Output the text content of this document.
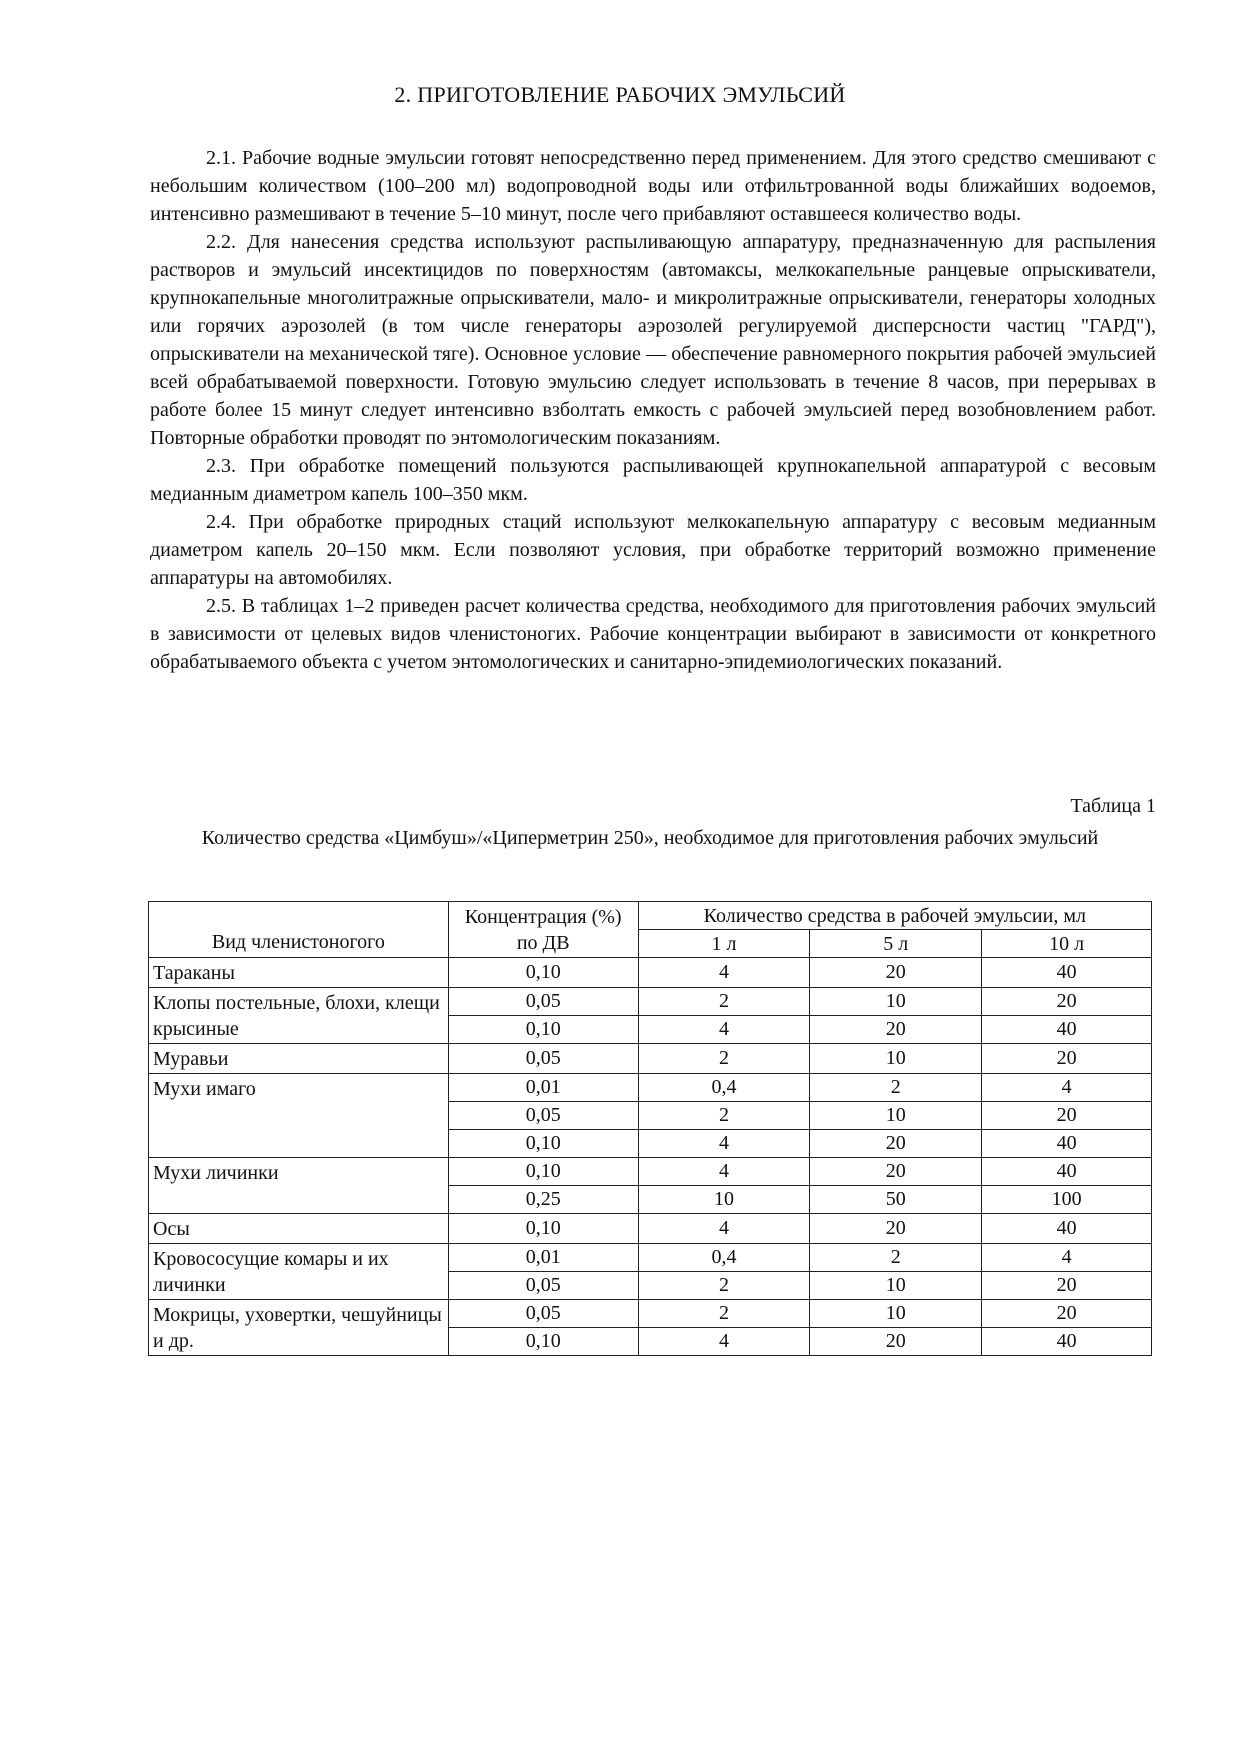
2. ПРИГОТОВЛЕНИЕ РАБОЧИХ ЭМУЛЬСИЙ

2.1. Рабочие водные эмульсии готовят непосредственно перед применением. Для этого средство смешивают с небольшим количеством (100–200 мл) водопроводной воды или отфильтрованной воды ближайших водоемов, интенсивно размешивают в течение 5–10 минут, после чего прибавляют оставшееся количество воды.

2.2. Для нанесения средства используют распыливающую аппаратуру, предназначенную для распыления растворов и эмульсий инсектицидов по поверхностям (автомаксы, мелкокапельные ранцевые опрыскиватели, крупнокапельные многолитражные опрыскиватели, мало- и микролитражные опрыскиватели, генераторы холодных или горячих аэрозолей (в том числе генераторы аэрозолей регулируемой дисперсности частиц "ГАРД"), опрыскиватели на механической тяге). Основное условие — обеспечение равномерного покрытия рабочей эмульсией всей обрабатываемой поверхности. Готовую эмульсию следует использовать в течение 8 часов, при перерывах в работе более 15 минут следует интенсивно взболтать емкость с рабочей эмульсией перед возобновлением работ. Повторные обработки проводят по энтомологическим показаниям.

2.3. При обработке помещений пользуются распыливающей крупнокапельной аппаратурой с весовым медианным диаметром капель 100–350 мкм.

2.4. При обработке природных стаций используют мелкокапельную аппаратуру с весовым медианным диаметром капель 20–150 мкм. Если позволяют условия, при обработке территорий возможно применение аппаратуры на автомобилях.

2.5. В таблицах 1–2 приведен расчет количества средства, необходимого для приготовления рабочих эмульсий в зависимости от целевых видов членистоногих. Рабочие концентрации выбирают в зависимости от конкретного обрабатываемого объекта с учетом энтомологических и санитарно-эпидемиологических показаний.

Таблица 1
Количество средства «Цимбуш»/«Циперметрин 250», необходимое для приготовления рабочих эмульсий
Вид членистоногого	Концентрация (%) по ДВ	Количество средства в рабочей эмульсии, мл		
		1 л	5 л	10 л
Тараканы	0,10	4	20	40
Клопы постельные, блохи, клещи крысиные	0,05	2	10	20
	0,10	4	20	40
Муравьи	0,05	2	10	20
Мухи имаго	0,01	0,4	2	4
	0,05	2	10	20
	0,10	4	20	40
Мухи личинки	0,10	4	20	40
	0,25	10	50	100
Осы	0,10	4	20	40
Кровососущие комары и их личинки	0,01	0,4	2	4
	0,05	2	10	20
Мокрицы, уховертки, чешуйницы и др.	0,05	2	10	20
	0,10	4	20	40
